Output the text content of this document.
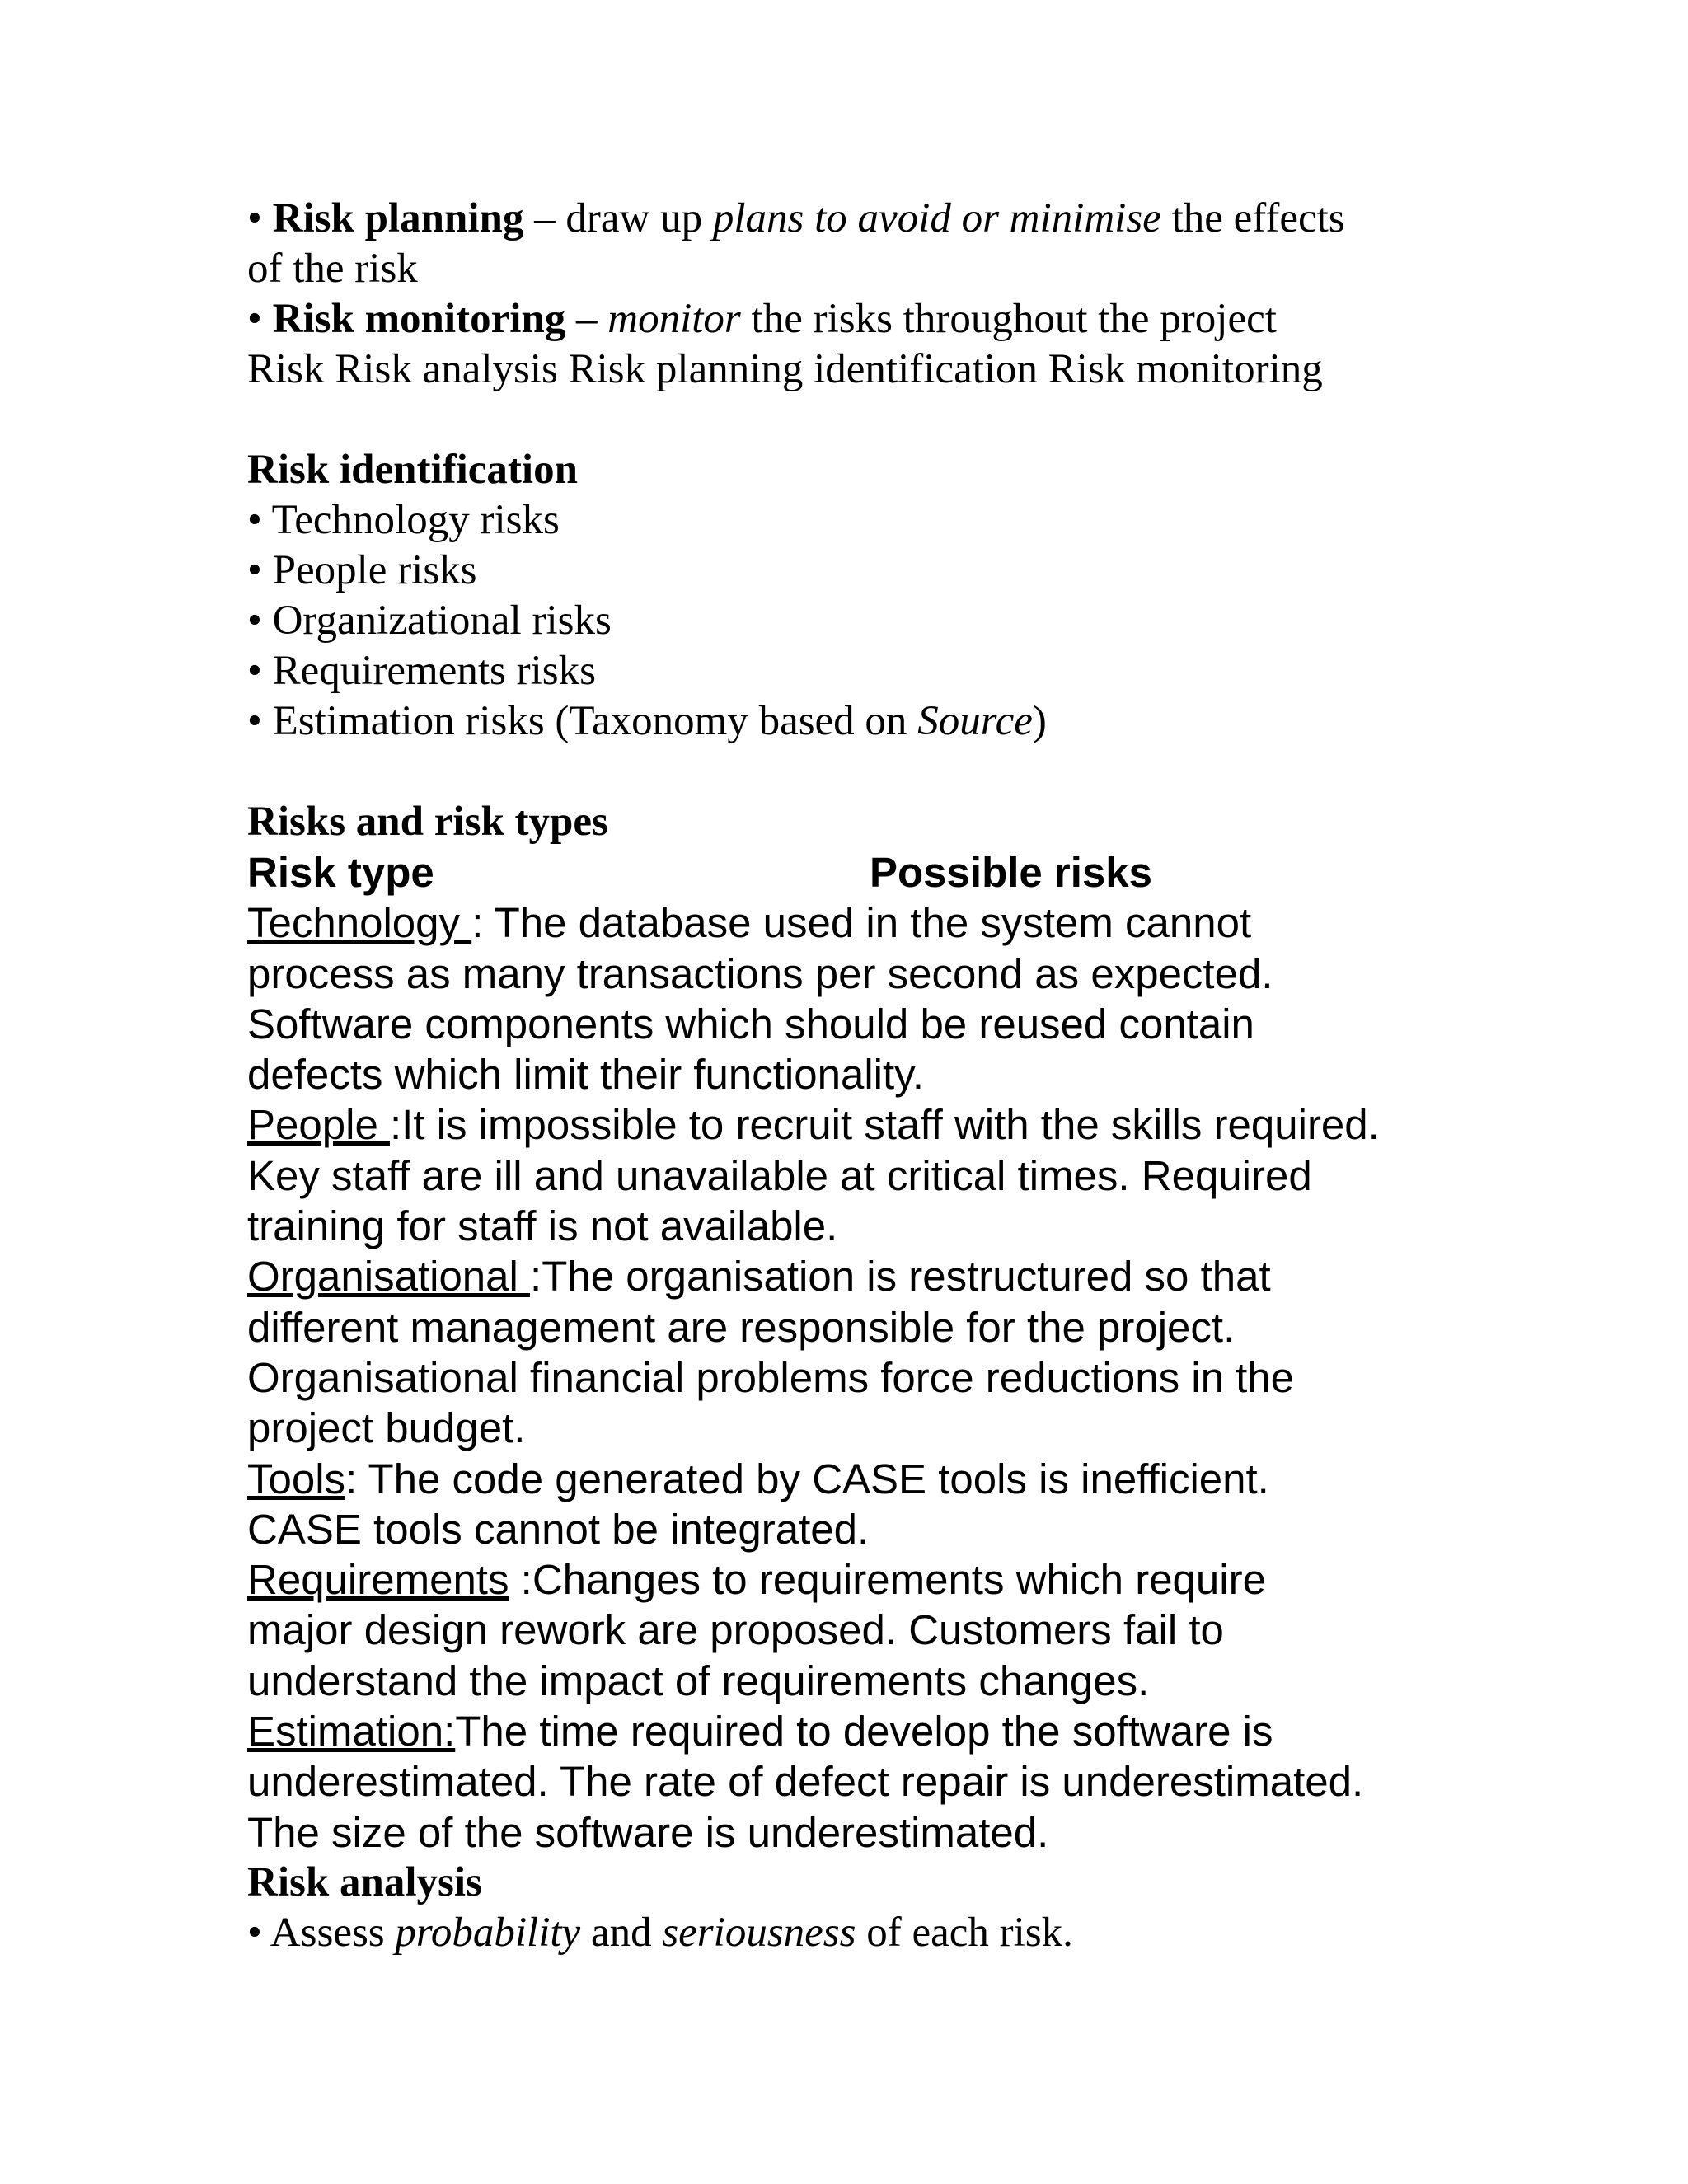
• Risk planning – draw up plans to avoid or minimise the effects

of the risk

• Risk monitoring – monitor the risks throughout the project

Risk Risk analysis Risk planning identification Risk monitoring

Risk identification

• Technology risks

• People risks

• Organizational risks

• Requirements risks

• Estimation risks (Taxonomy based on Source)

Risks and risk types

Risk type	Possible risks

Technology : The database used in the system cannot

process as many transactions per second as expected.

Software components which should be reused contain

defects which limit their functionality.

People :It is impossible to recruit staff with the skills required.

Key staff are ill and unavailable at critical times. Required

training for staff is not available.

Organisational :The organisation is restructured so that

different management are responsible for the project.

Organisational financial problems force reductions in the

project budget.

Tools: The code generated by CASE tools is inefficient.

CASE tools cannot be integrated.

Requirements :Changes to requirements which require

major design rework are proposed. Customers fail to

understand the impact of requirements changes.

Estimation:The time required to develop the software is

underestimated. The rate of defect repair is underestimated.

The size of the software is underestimated.

Risk analysis

• Assess probability and seriousness of each risk.
